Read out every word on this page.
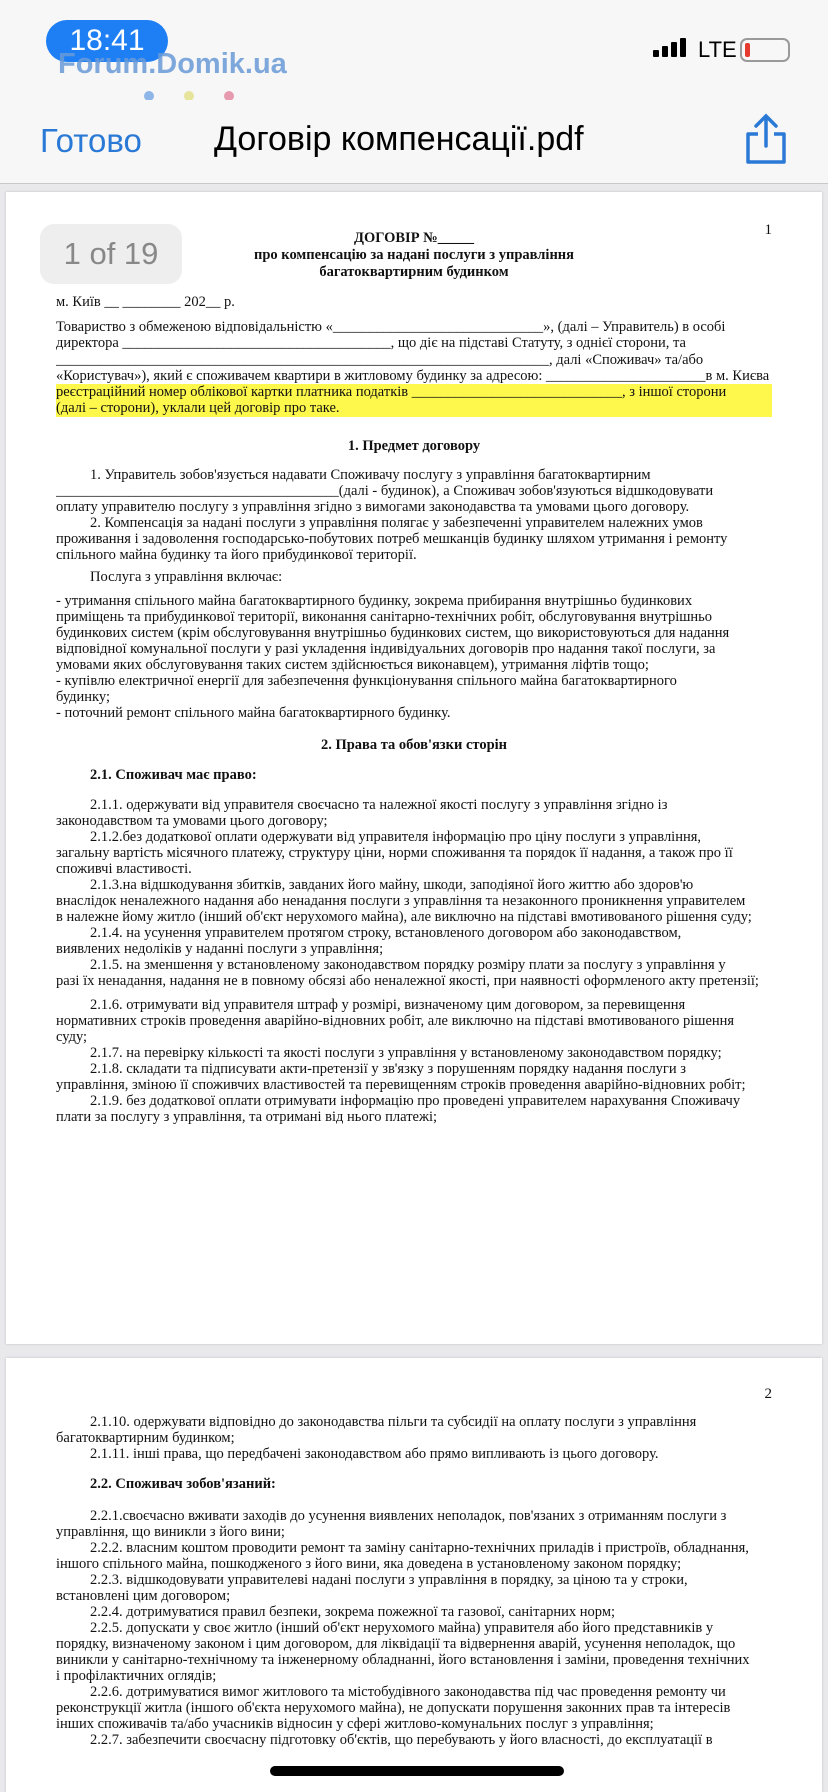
18:41
Forum.Domik.ua	LTE
Готово Договір компенсації.pdf
1
1 of 19	ДОГОВІР №_____
про компенсацію за надані послуги з управління
багатоквартирним будинком
м. Київ __ ________ 202__ р.
Товариство з обмеженою відповідальністю «_____________________________», (далі – Управитель) в особі
директора _____________________________________, що діє на підставі Статуту, з однієї сторони, та
____________________________________________________________________, далі «Споживач» та/або
«Користувач»), який є споживачем квартири в житловому будинку за адресою: ______________________в м. Києва
реєстраційний номер облікової картки платника податків _____________________________, з іншої сторони
(далі – сторони), уклали цей договір про таке.
1. Предмет договору
1. Управитель зобов'язується надавати Споживачу послугу з управління багатоквартирним
_______________________________________(далі - будинок), а Споживач зобов'язуються відшкодовувати
оплату управителю послугу з управління згідно з вимогами законодавства та умовами цього договору.
2. Компенсація за надані послуги з управління полягає у забезпеченні управителем належних умов
проживання і задоволення господарсько-побутових потреб мешканців будинку шляхом утримання і ремонту
спільного майна будинку та його прибудинкової території.
Послуга з управління включає:
- утримання спільного майна багатоквартирного будинку, зокрема прибирання внутрішньо будинкових
приміщень та прибудинкової території, виконання санітарно-технічних робіт, обслуговування внутрішньо
будинкових систем (крім обслуговування внутрішньо будинкових систем, що використовуються для надання
відповідної комунальної послуги у разі укладення індивідуальних договорів про надання такої послуги, за
умовами яких обслуговування таких систем здійснюється виконавцем), утримання ліфтів тощо;
- купівлю електричної енергії для забезпечення функціонування спільного майна багатоквартирного
будинку;
- поточний ремонт спільного майна багатоквартирного будинку.
2. Права та обов'язки сторін
2.1. Споживач має право:
2.1.1. одержувати від управителя своєчасно та належної якості послугу з управління згідно із
законодавством та умовами цього договору;
2.1.2.без додаткової оплати одержувати від управителя інформацію про ціну послуги з управління,
загальну вартість місячного платежу, структуру ціни, норми споживання та порядок її надання, а також про її
споживчі властивості.
2.1.3.на відшкодування збитків, завданих його майну, шкоди, заподіяної його життю або здоров'ю
внаслідок неналежного надання або ненадання послуги з управління та незаконного проникнення управителем
в належне йому житло (інший об'єкт нерухомого майна), але виключно на підставі вмотивованого рішення суду;
2.1.4. на усунення управителем протягом строку, встановленого договором або законодавством,
виявлених недоліків у наданні послуги з управління;
2.1.5. на зменшення у встановленому законодавством порядку розміру плати за послугу з управління у
разі їх ненадання, надання не в повному обсязі або неналежної якості, при наявності оформленого акту претензії;
2.1.6. отримувати від управителя штраф у розмірі, визначеному цим договором, за перевищення
нормативних строків проведення аварійно-відновних робіт, але виключно на підставі вмотивованого рішення
суду;
2.1.7. на перевірку кількості та якості послуги з управління у встановленому законодавством порядку;
2.1.8. складати та підписувати акти-претензії у зв'язку з порушенням порядку надання послуги з
управління, зміною її споживчих властивостей та перевищенням строків проведення аварійно-відновних робіт;
2.1.9. без додаткової оплати отримувати інформацію про проведені управителем нарахування Споживачу
плати за послугу з управління, та отримані від нього платежі;
2
2.1.10. одержувати відповідно до законодавства пільги та субсидії на оплату послуги з управління
багатоквартирним будинком;
2.1.11. інші права, що передбачені законодавством або прямо випливають із цього договору.
2.2. Споживач зобов'язаний:
2.2.1.своєчасно вживати заходів до усунення виявлених неполадок, пов'язаних з отриманням послуги з
управління, що виникли з його вини;
2.2.2. власним коштом проводити ремонт та заміну санітарно-технічних приладів і пристроїв, обладнання,
іншого спільного майна, пошкодженого з його вини, яка доведена в установленому законом порядку;
2.2.3. відшкодовувати управителеві надані послуги з управління в порядку, за ціною та у строки,
встановлені цим договором;
2.2.4. дотримуватися правил безпеки, зокрема пожежної та газової, санітарних норм;
2.2.5. допускати у своє житло (інший об'єкт нерухомого майна) управителя або його представників у
порядку, визначеному законом і цим договором, для ліквідації та відвернення аварій, усунення неполадок, що
виникли у санітарно-технічному та інженерному обладнанні, його встановлення і заміни, проведення технічних
і профілактичних оглядів;
2.2.6. дотримуватися вимог житлового та містобудівного законодавства під час проведення ремонту чи
реконструкції житла (іншого об'єкта нерухомого майна), не допускати порушення законних прав та інтересів
інших споживачів та/або учасників відносин у сфері житлово-комунальних послуг з управління;
2.2.7. забезпечити своєчасну підготовку об'єктів, що перебувають у його власності, до експлуатації в
